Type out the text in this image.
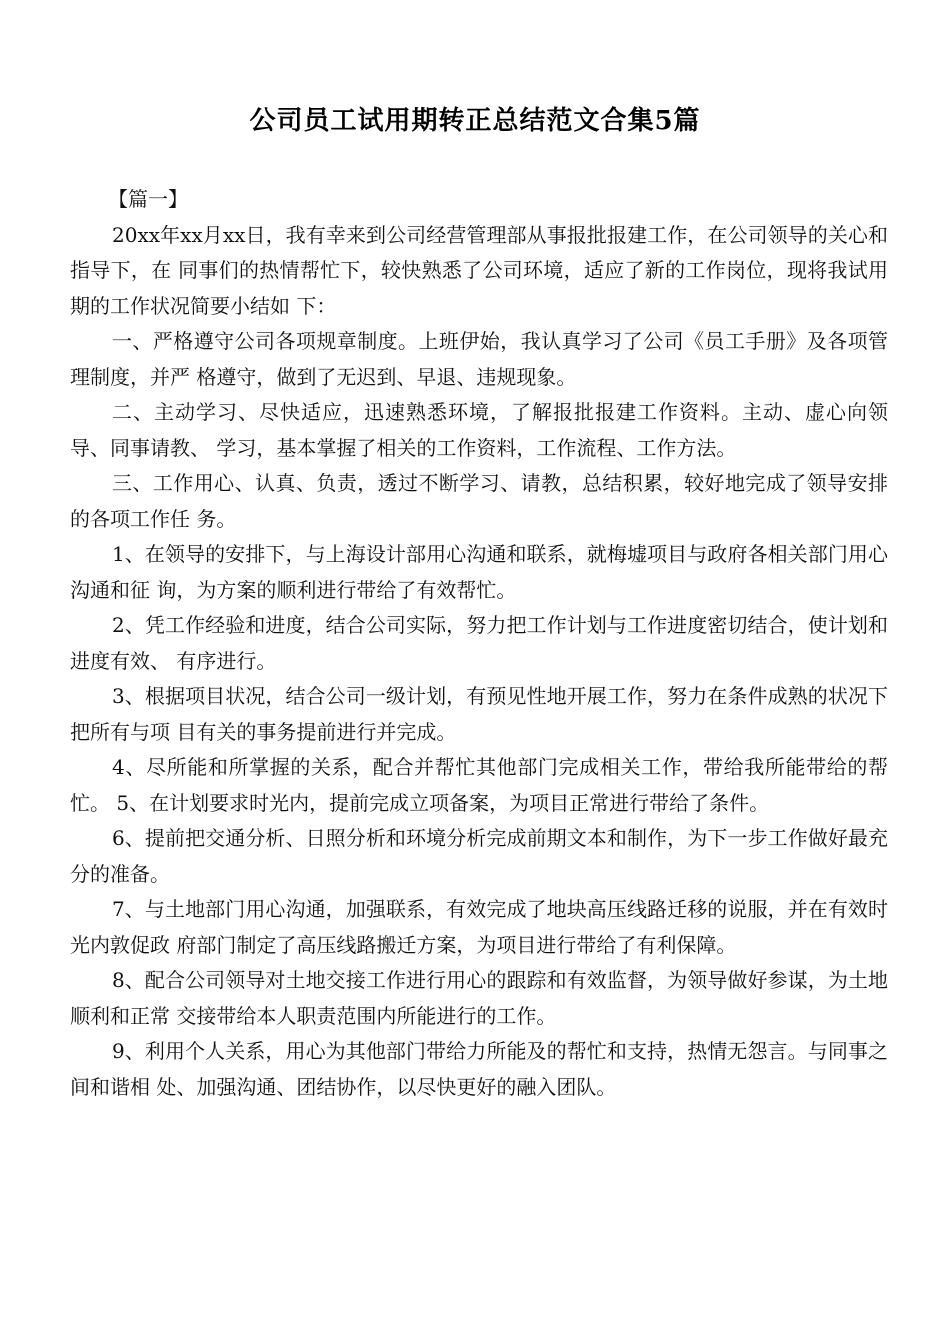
公司员工试用期转正总结范文合集5篇

【篇一】

20xx年xx月xx日，我有幸来到公司经营管理部从事报批报建工作，在公司领导的关心和指导下，在 同事们的热情帮忙下，较快熟悉了公司环境，适应了新的工作岗位，现将我试用期的工作状况简要小结如 下：

一、严格遵守公司各项规章制度。上班伊始，我认真学习了公司《员工手册》及各项管理制度，并严 格遵守，做到了无迟到、早退、违规现象。

二、主动学习、尽快适应，迅速熟悉环境，了解报批报建工作资料。主动、虚心向领导、同事请教、 学习，基本掌握了相关的工作资料，工作流程、工作方法。

三、工作用心、认真、负责，透过不断学习、请教，总结积累，较好地完成了领导安排的各项工作任 务。

1、在领导的安排下，与上海设计部用心沟通和联系，就梅墟项目与政府各相关部门用心沟通和征 询，为方案的顺利进行带给了有效帮忙。

2、凭工作经验和进度，结合公司实际，努力把工作计划与工作进度密切结合，使计划和进度有效、 有序进行。

3、根据项目状况，结合公司一级计划，有预见性地开展工作，努力在条件成熟的状况下把所有与项 目有关的事务提前进行并完成。

4、尽所能和所掌握的关系，配合并帮忙其他部门完成相关工作，带给我所能带给的帮忙。 5、在计划要求时光内，提前完成立项备案，为项目正常进行带给了条件。

6、提前把交通分析、日照分析和环境分析完成前期文本和制作，为下一步工作做好最充分的准备。

7、与土地部门用心沟通，加强联系，有效完成了地块高压线路迁移的说服，并在有效时光内敦促政 府部门制定了高压线路搬迁方案，为项目进行带给了有利保障。

8、配合公司领导对土地交接工作进行用心的跟踪和有效监督，为领导做好参谋，为土地顺利和正常 交接带给本人职责范围内所能进行的工作。

9、利用个人关系，用心为其他部门带给力所能及的帮忙和支持，热情无怨言。与同事之间和谐相 处、加强沟通、团结协作，以尽快更好的融入团队。
